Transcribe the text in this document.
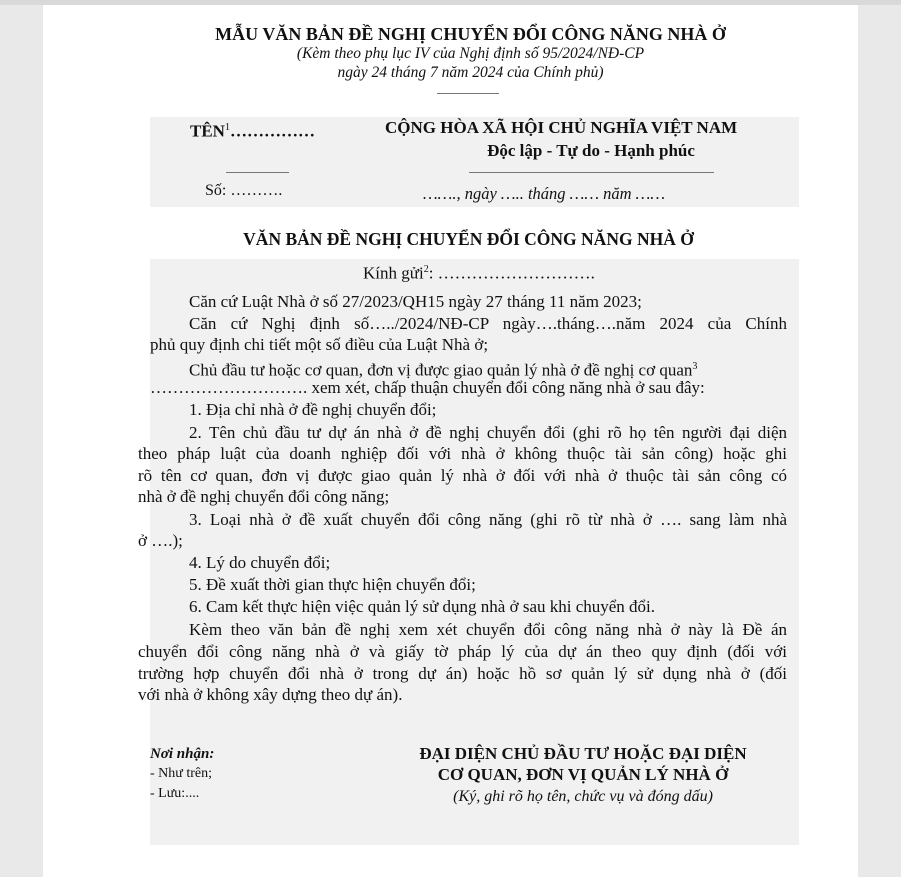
MẪU VĂN BẢN ĐỀ NGHỊ CHUYỂN ĐỔI CÔNG NĂNG NHÀ Ở
(Kèm theo phụ lục IV của Nghị định số 95/2024/NĐ-CP
ngày 24 tháng 7 năm 2024 của Chính phủ)
TÊN$^1$……………	CỘNG HÒA XÃ HỘI CHỦ NGHĨA VIỆT NAM
Độc lập - Tự do - Hạnh phúc
Số: ……….	……., ngày ….. tháng …… năm ……
VĂN BẢN ĐỀ NGHỊ CHUYỂN ĐỔI CÔNG NĂNG NHÀ Ở
Kính gửi$^2$: ……………………….
Căn cứ Luật Nhà ở số 27/2023/QH15 ngày 27 tháng 11 năm 2023;
Căn cứ Nghị định số…../2024/NĐ-CP ngày….tháng….năm 2024 của Chính
phủ quy định chi tiết một số điều của Luật Nhà ở;
Chủ đầu tư hoặc cơ quan, đơn vị được giao quản lý nhà ở đề nghị cơ quan$^3$
………………………. xem xét, chấp thuận chuyển đổi công năng nhà ở sau đây:
1. Địa chỉ nhà ở đề nghị chuyển đổi;
2. Tên chủ đầu tư dự án nhà ở đề nghị chuyển đổi (ghi rõ họ tên người đại diện
theo pháp luật của doanh nghiệp đối với nhà ở không thuộc tài sản công) hoặc ghi
rõ tên cơ quan, đơn vị được giao quản lý nhà ở đối với nhà ở thuộc tài sản công có
nhà ở đề nghị chuyển đổi công năng;
3. Loại nhà ở đề xuất chuyển đổi công năng (ghi rõ từ nhà ở …. sang làm nhà
ở ….);
4. Lý do chuyển đổi;
5. Đề xuất thời gian thực hiện chuyển đổi;
6. Cam kết thực hiện việc quản lý sử dụng nhà ở sau khi chuyển đổi.
Kèm theo văn bản đề nghị xem xét chuyển đổi công năng nhà ở này là Đề án
chuyển đổi công năng nhà ở và giấy tờ pháp lý của dự án theo quy định (đối với
trường hợp chuyển đổi nhà ở trong dự án) hoặc hồ sơ quản lý sử dụng nhà ở (đối
với nhà ở không xây dựng theo dự án).
Nơi nhận:
- Như trên;
- Lưu:....
ĐẠI DIỆN CHỦ ĐẦU TƯ HOẶC ĐẠI DIỆN
CƠ QUAN, ĐƠN VỊ QUẢN LÝ NHÀ Ở
(Ký, ghi rõ họ tên, chức vụ và đóng dấu)
